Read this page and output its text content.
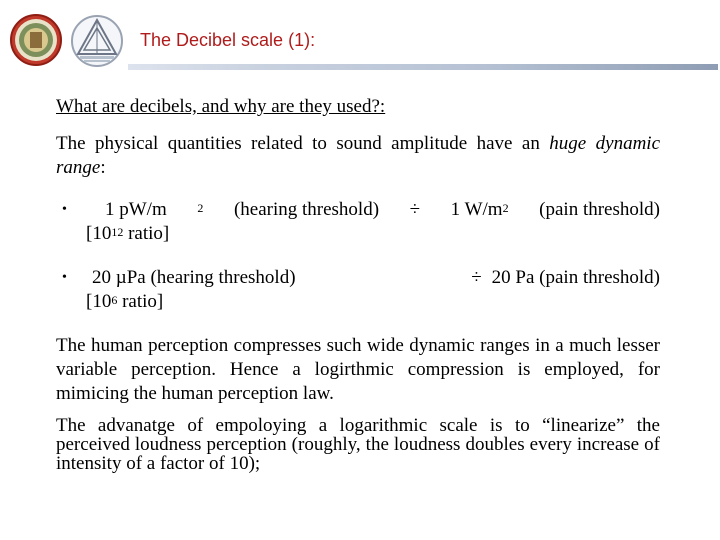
The Decibel scale (1):

What are decibels, and why are they used?:

The physical quantities related to sound amplitude have an huge dynamic range:

• 1 pW/m	$^2$ (hearing threshold) ÷ 1 $W/m^2$ (pain threshold)
[$10^{12}$ ratio]
• 20 µPa (hearing threshold)	÷ 20 Pa (pain threshold)
[$10^6$ ratio]

The human perception compresses such wide dynamic ranges in a much lesser variable perception. Hence a logirthmic compression is employed, for mimicing the human perception law.

The advanatge of empoloying a logarithmic scale is to “linearize” the perceived loudness perception (roughly, the loudness doubles every increase of intensity of a factor of 10);
